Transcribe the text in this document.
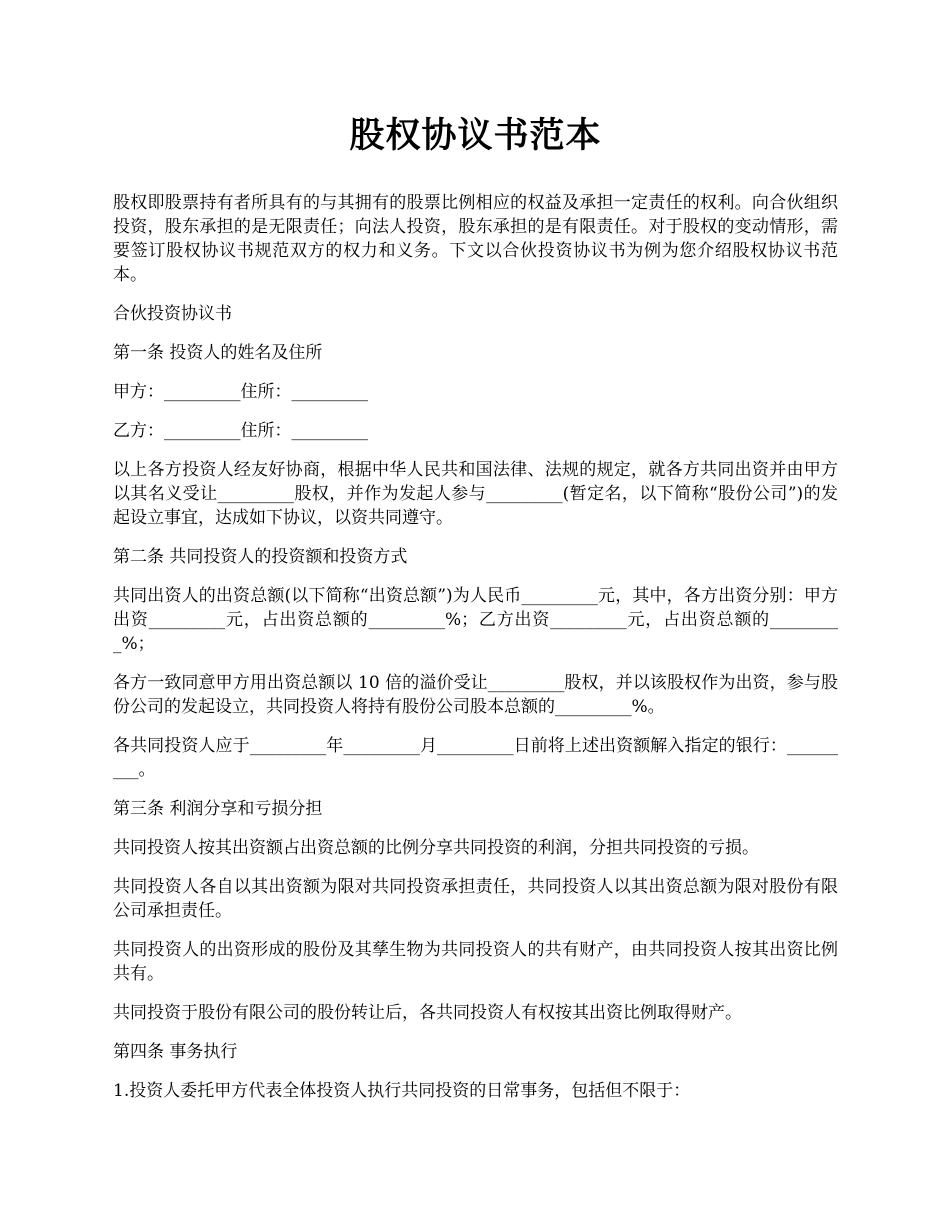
股权协议书范本

股权即股票持有者所具有的与其拥有的股票比例相应的权益及承担一定责任的权利。向合伙组织投资，股东承担的是无限责任；向法人投资，股东承担的是有限责任。对于股权的变动情形，需要签订股权协议书规范双方的权力和义务。下文以合伙投资协议书为例为您介绍股权协议书范本。

合伙投资协议书

第一条 投资人的姓名及住所

甲方：_________住所：_________

乙方：_________住所：_________

以上各方投资人经友好协商，根据中华人民共和国法律、法规的规定，就各方共同出资并由甲方以其名义受让_________股权，并作为发起人参与_________(暂定名，以下简称“股份公司”)的发起设立事宜，达成如下协议，以资共同遵守。

第二条 共同投资人的投资额和投资方式

共同出资人的出资总额(以下简称“出资总额”)为人民币_________元，其中，各方出资分别：甲方出资_________元，占出资总额的_________%；乙方出资_________元，占出资总额的_________%；

各方一致同意甲方用出资总额以 10 倍的溢价受让_________股权，并以该股权作为出资，参与股份公司的发起设立，共同投资人将持有股份公司股本总额的_________%。

各共同投资人应于_________年_________月_________日前将上述出资额解入指定的银行：_________。

第三条 利润分享和亏损分担

共同投资人按其出资额占出资总额的比例分享共同投资的利润，分担共同投资的亏损。

共同投资人各自以其出资额为限对共同投资承担责任，共同投资人以其出资总额为限对股份有限公司承担责任。

共同投资人的出资形成的股份及其孳生物为共同投资人的共有财产，由共同投资人按其出资比例共有。

共同投资于股份有限公司的股份转让后，各共同投资人有权按其出资比例取得财产。

第四条 事务执行

1.投资人委托甲方代表全体投资人执行共同投资的日常事务，包括但不限于：
